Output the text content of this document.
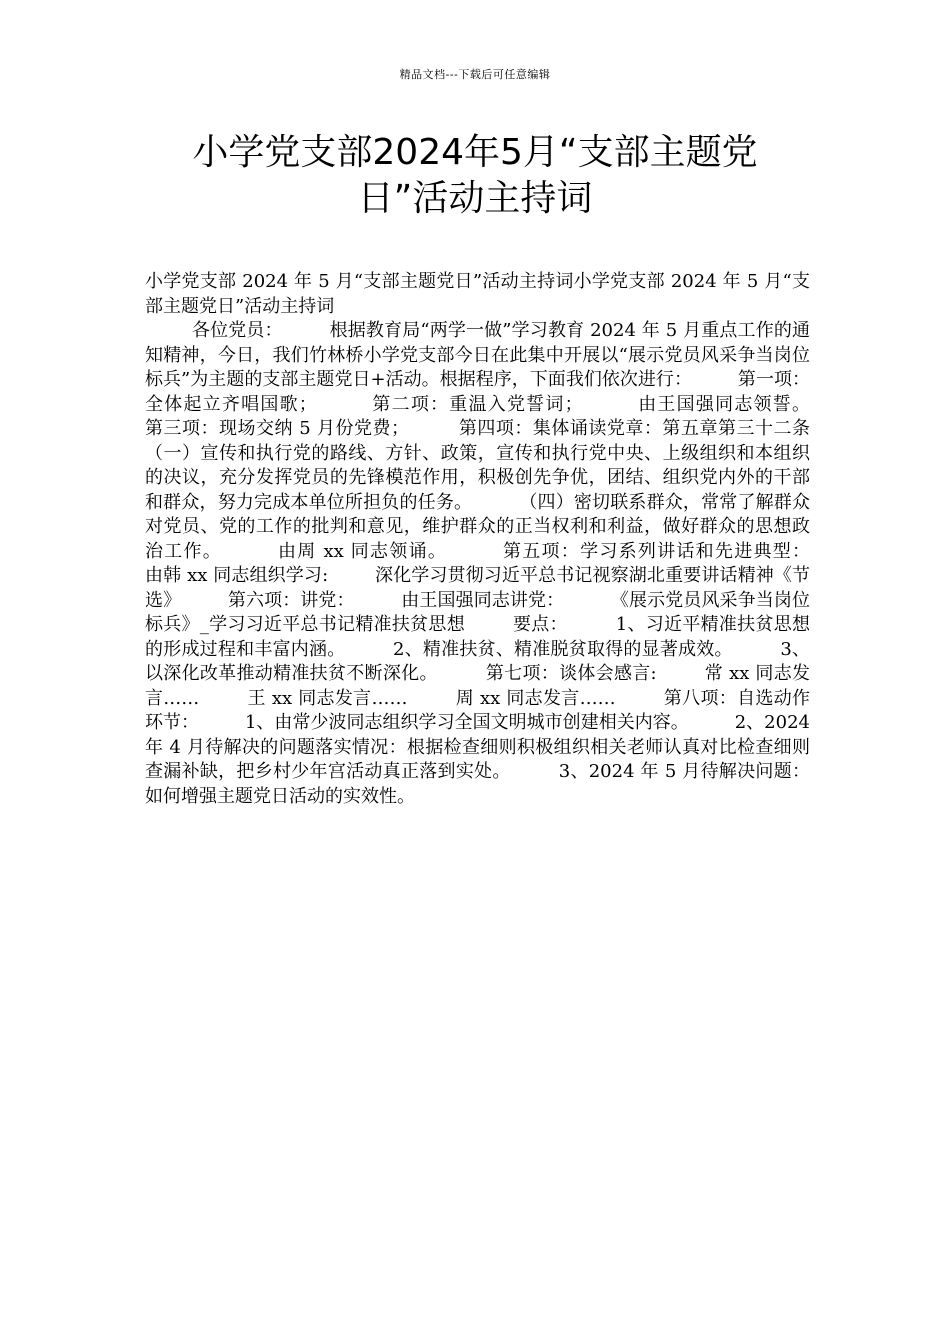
精品文档---下载后可任意编辑
小学党支部2024年5月“支部主题党日”活动主持词
小学党支部 2024 年 5 月“支部主题党日”活动主持词小学党支部 2024 年 5 月“支部主题党日”活动主持词
各位党员：        根据教育局“两学一做”学习教育 2024 年 5 月重点工作的通知精神，今日，我们竹林桥小学党支部今日在此集中开展以“展示党员风采争当岗位标兵”为主题的支部主题党日+活动。根据程序，下面我们依次进行：        第一项：全体起立齐唱国歌；        第二项：重温入党誓词；        由王国强同志领誓。        第三项：现场交纳 5 月份党费；        第四项：集体诵读党章：第五章第三十二条        （一）宣传和执行党的路线、方针、政策，宣传和执行党中央、上级组织和本组织的决议，充分发挥党员的先锋模范作用，积极创先争优，团结、组织党内外的干部和群众，努力完成本单位所担负的任务。        （四）密切联系群众，常常了解群众对党员、党的工作的批判和意见，维护群众的正当权利和利益，做好群众的思想政治工作。        由周 xx 同志领诵。        第五项：学习系列讲话和先进典型：        由韩 xx 同志组织学习:        深化学习贯彻习近平总书记视察湖北重要讲话精神《节选》        第六项：讲党：        由王国强同志讲党：        《展示党员风采争当岗位标兵》_学习习近平总书记精准扶贫思想        要点：        1、习近平精准扶贫思想的形成过程和丰富内涵。        2、精准扶贫、精准脱贫取得的显著成效。        3、以深化改革推动精准扶贫不断深化。        第七项：谈体会感言:        常 xx 同志发言……        王 xx 同志发言……        周 xx 同志发言……        第八项：自选动作环节：        1、由常少波同志组织学习全国文明城市创建相关内容。        2、2024 年 4 月待解决的问题落实情况：根据检查细则积极组织相关老师认真对比检查细则查漏补缺，把乡村少年宫活动真正落到实处。        3、2024 年 5 月待解决问题：如何增强主题党日活动的实效性。
